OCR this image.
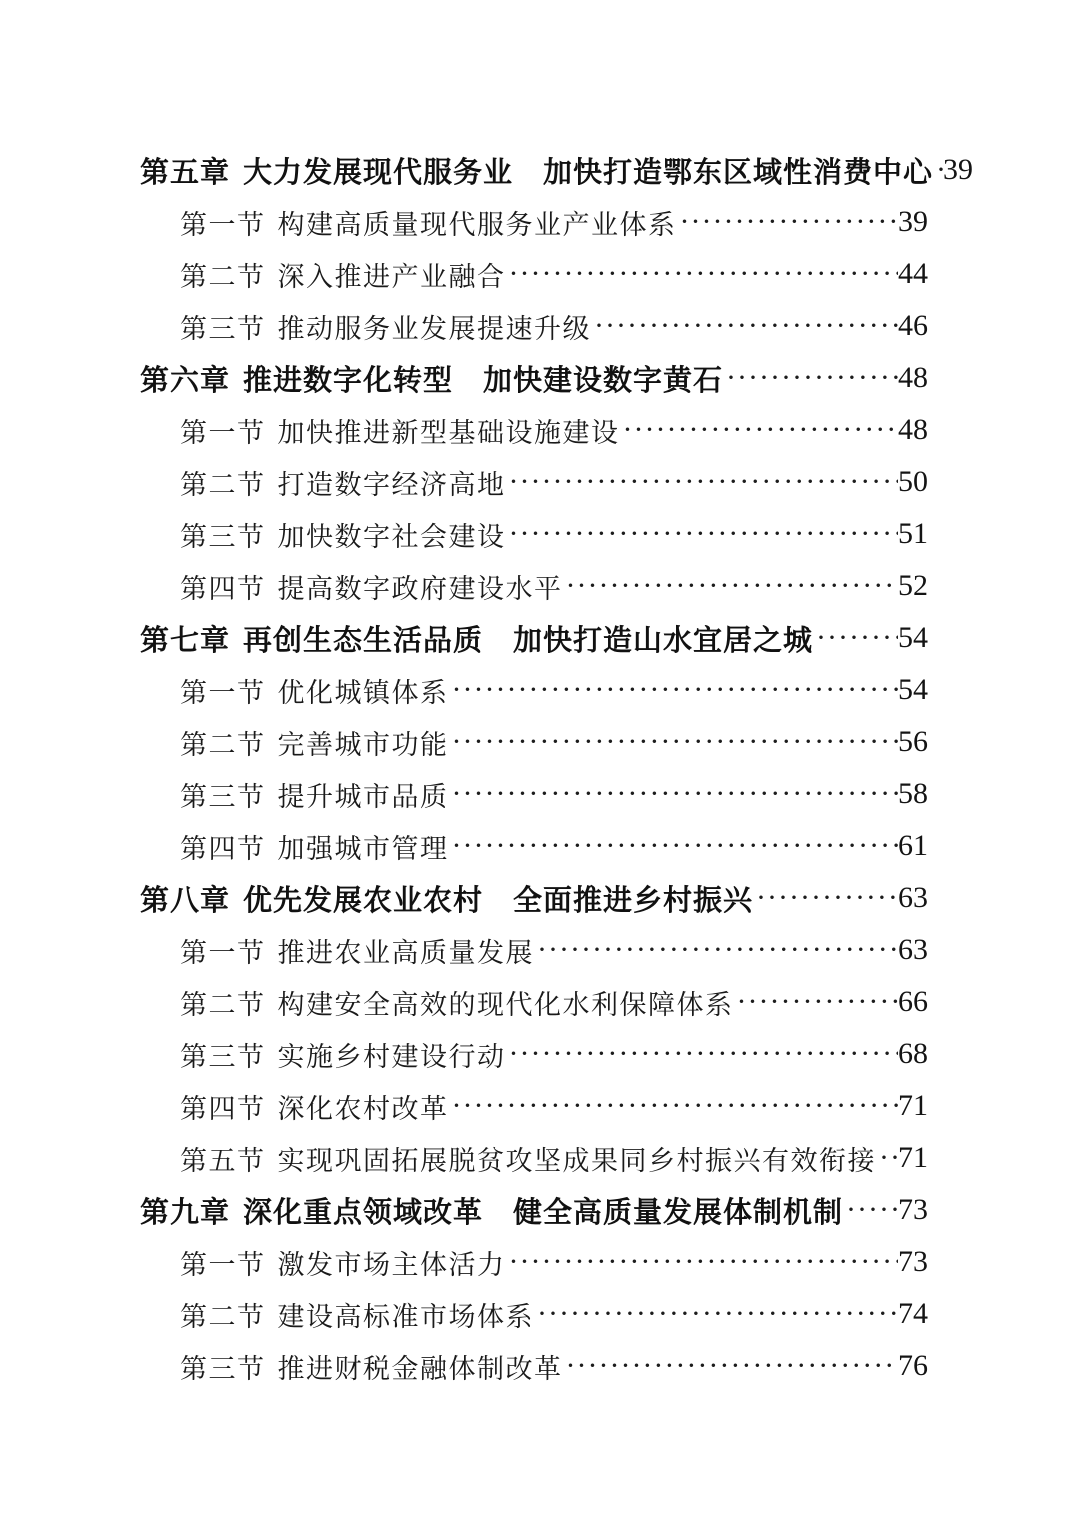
第五章 大力发展现代服务业　加快打造鄂东区域性消费中心 ····· 39
第一节 构建高质量现代服务业产业体系 ·····	39
第二节 深入推进产业融合 ·····	44
第三节 推动服务业发展提速升级 ·····	46
第六章 推进数字化转型　加快建设数字黄石 ·····	48
第一节 加快推进新型基础设施建设 ·····	48
第二节 打造数字经济高地 ·····	50
第三节 加快数字社会建设 ·····	51
第四节 提高数字政府建设水平 ·····	52
第七章 再创生态生活品质　加快打造山水宜居之城 ·····	54
第一节 优化城镇体系 ·····	54
第二节 完善城市功能 ·····	56
第三节 提升城市品质 ·····	58
第四节 加强城市管理 ·····	61
第八章 优先发展农业农村　全面推进乡村振兴 ·····	63
第一节 推进农业高质量发展 ·····	63
第二节 构建安全高效的现代化水利保障体系 ·····	66
第三节 实施乡村建设行动 ·····	68
第四节 深化农村改革 ·····	71
第五节 实现巩固拓展脱贫攻坚成果同乡村振兴有效衔接 ····· 71
第九章 深化重点领域改革　健全高质量发展体制机制 ····· 73
第一节 激发市场主体活力 ·····	73
第二节 建设高标准市场体系 ·····	74
第三节 推进财税金融体制改革 ·····	76
